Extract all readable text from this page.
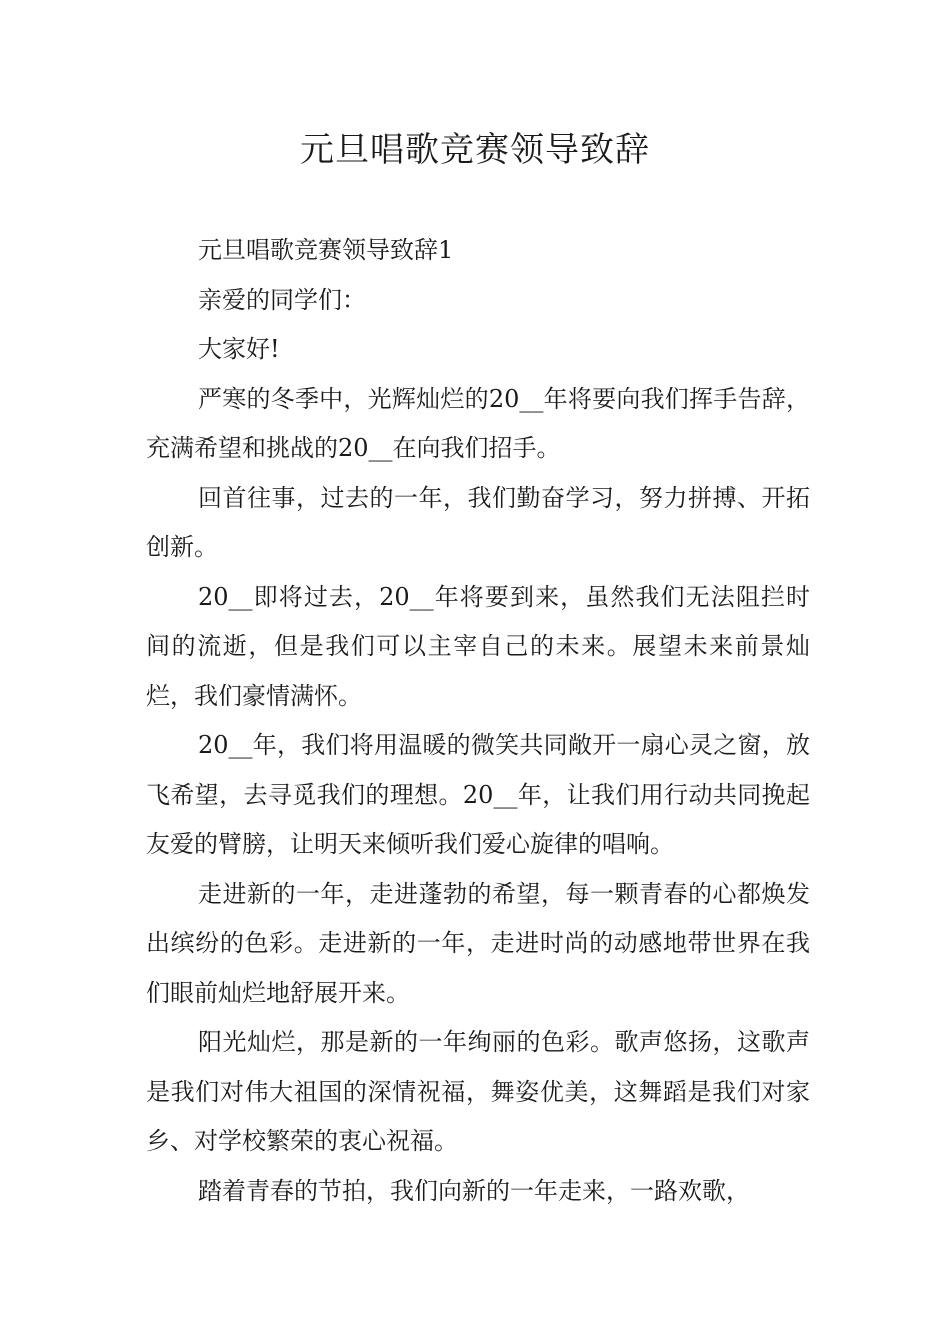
元旦唱歌竞赛领导致辞

元旦唱歌竞赛领导致辞1

亲爱的同学们：

大家好!

严寒的冬季中，光辉灿烂的20__年将要向我们挥手告辞，充满希望和挑战的20__在向我们招手。

回首往事，过去的一年，我们勤奋学习，努力拼搏、开拓创新。

20__即将过去，20__年将要到来，虽然我们无法阻拦时间的流逝，但是我们可以主宰自己的未来。展望未来前景灿烂，我们豪情满怀。

20__年，我们将用温暖的微笑共同敞开一扇心灵之窗，放飞希望，去寻觅我们的理想。20__年，让我们用行动共同挽起友爱的臂膀，让明天来倾听我们爱心旋律的唱响。

走进新的一年，走进蓬勃的希望，每一颗青春的心都焕发出缤纷的色彩。走进新的一年，走进时尚的动感地带世界在我们眼前灿烂地舒展开来。

阳光灿烂，那是新的一年绚丽的色彩。歌声悠扬，这歌声是我们对伟大祖国的深情祝福，舞姿优美，这舞蹈是我们对家乡、对学校繁荣的衷心祝福。

踏着青春的节拍，我们向新的一年走来，一路欢歌，
